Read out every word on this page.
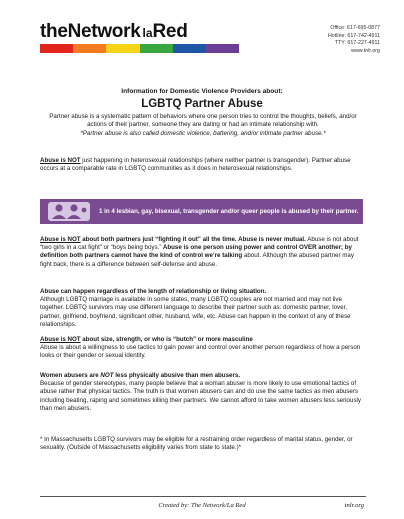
theNetwork laRed	Office: 617-695-0877
Hotline: 617-742-4911
TTY: 617-227-4911
www.tnlr.org
Information for Domestic Violence Providers about:
LGBTQ Partner Abuse
Partner abuse is a systematic pattern of behaviors where one person tries to control the thoughts, beliefs, and/or actions of their partner, someone they are dating or had an intimate relationship with.
*Partner abuse is also called domestic violence, battering, and/or intimate partner abuse.*
Abuse is NOT just happening in heterosexual relationships (where neither partner is transgender). Partner abuse occurs at a comparable rate in LGBTQ communities as it does in heterosexual relationships.
1 in 4 lesbian, gay, bisexual, transgender and/or queer people is abused by their partner.
Abuse is NOT about both partners just “fighting it out” all the time. Abuse is never mutual. Abuse is not about “two girls in a cat fight” or “boys being boys.” Abuse is one person using power and control OVER another; by definition both partners cannot have the kind of control we’re talking about. Although the abused partner may fight back, there is a difference between self-defense and abuse.
Abuse can happen regardless of the length of relationship or living situation.
Although LGBTQ marriage is available in some states, many LGBTQ couples are not married and may not live together. LGBTQ survivors may use different language to describe their partner such as: domestic partner, lover, partner, girlfriend, boyfriend, significant other, husband, wife, etc. Abuse can happen in the context of any of these relationships.
Abuse is NOT about size, strength, or who is “butch” or more masculine
Abuse is about a willingness to use tactics to gain power and control over another person regardless of how a person looks or their gender or sexual identity.
Women abusers are NOT less physically abusive than men abusers.
Because of gender stereotypes, many people believe that a woman abuser is more likely to use emotional tactics of abuse rather that physical tactics. The truth is that women abusers can and do use the same tactics as men abusers including beating, raping and sometimes killing their partners. We cannot afford to take women abusers less seriously than men abusers.
* In Massachusetts LGBTQ survivors may be eligible for a restraining order regardless of marital status, gender, or sexuality. (Outside of Massachusetts eligibility varies from state to state.)*
Created by: The Network/La Red	tnlr.org
